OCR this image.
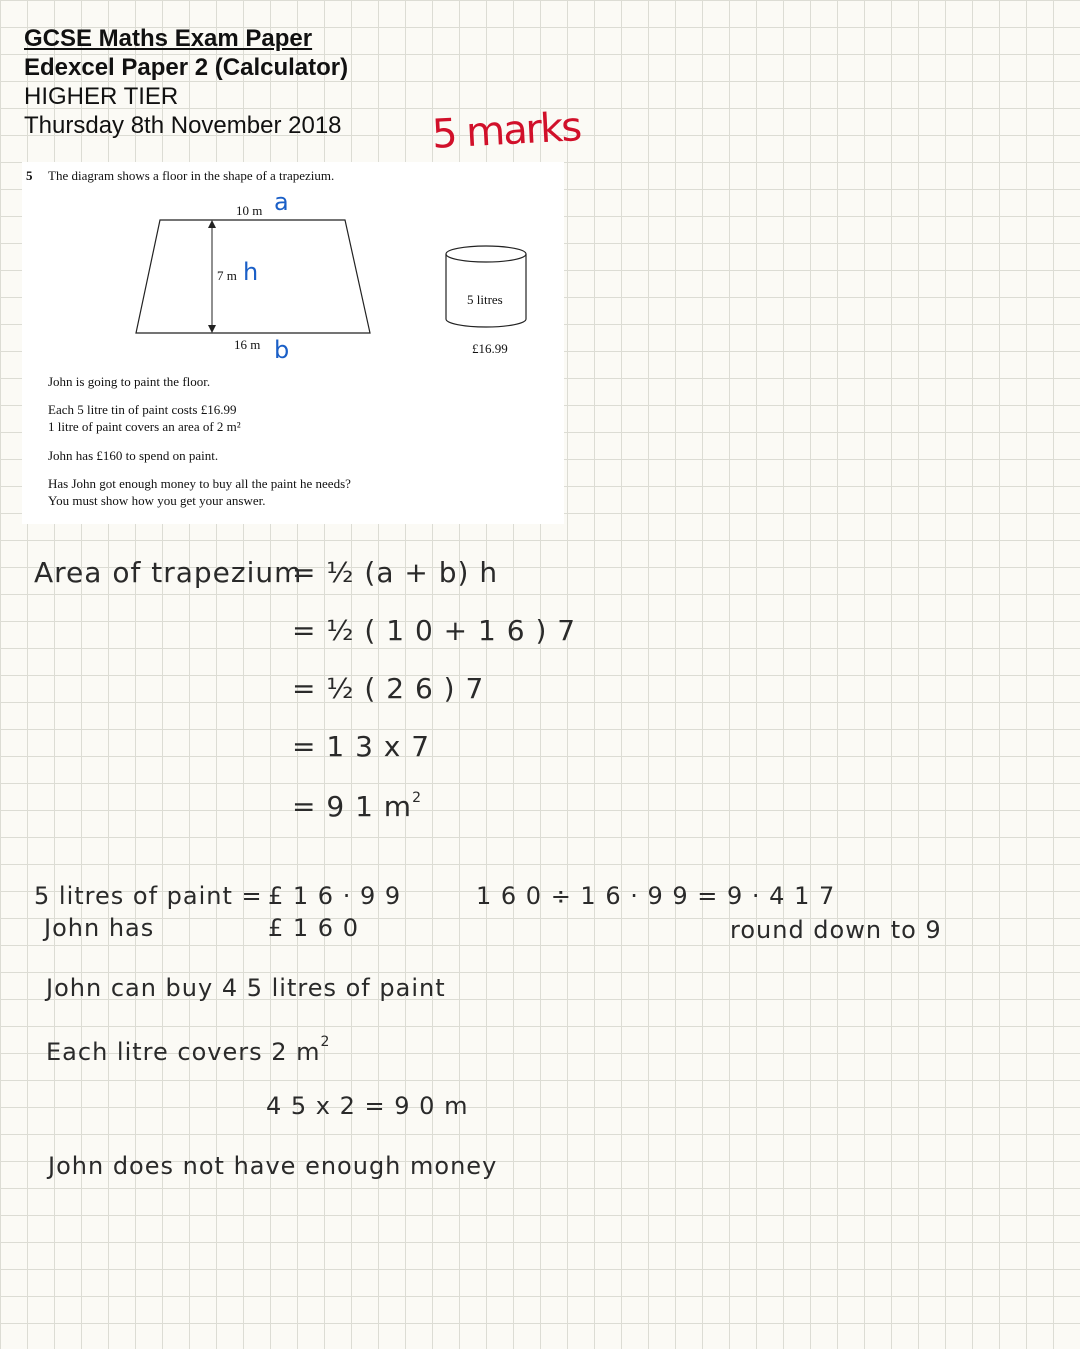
GCSE Maths Exam Paper
Edexcel Paper 2 (Calculator)
HIGHER TIER
Thursday 8th November 2018 5 marks
5 The diagram shows a floor in the shape of a trapezium.
10 m a
7 m h
16 m b
5 litres
£16.99
John is going to paint the floor.
Each 5 litre tin of paint costs £16.99
1 litre of paint covers an area of 2 m²
John has £160 to spend on paint.
Has John got enough money to buy all the paint he needs?
You must show how you get your answer.
Area of trapezium
= ½ (a + b) h
= ½ ( 1 0 + 1 6 ) 7
= ½ ( 2 6 ) 7
= 1 3 x 7
= 9 1 $m^2$
5 litres of paint = £ 1 6 · 9 9	1 6 0 ÷ 1 6 · 9 9 = 9 · 4 1 7
John has	£ 1 6 0	round down to 9
John can buy 4 5 litres of paint
Each litre covers 2 $m^2$
4 5 x 2 = 9 0 m
John does not have enough money
